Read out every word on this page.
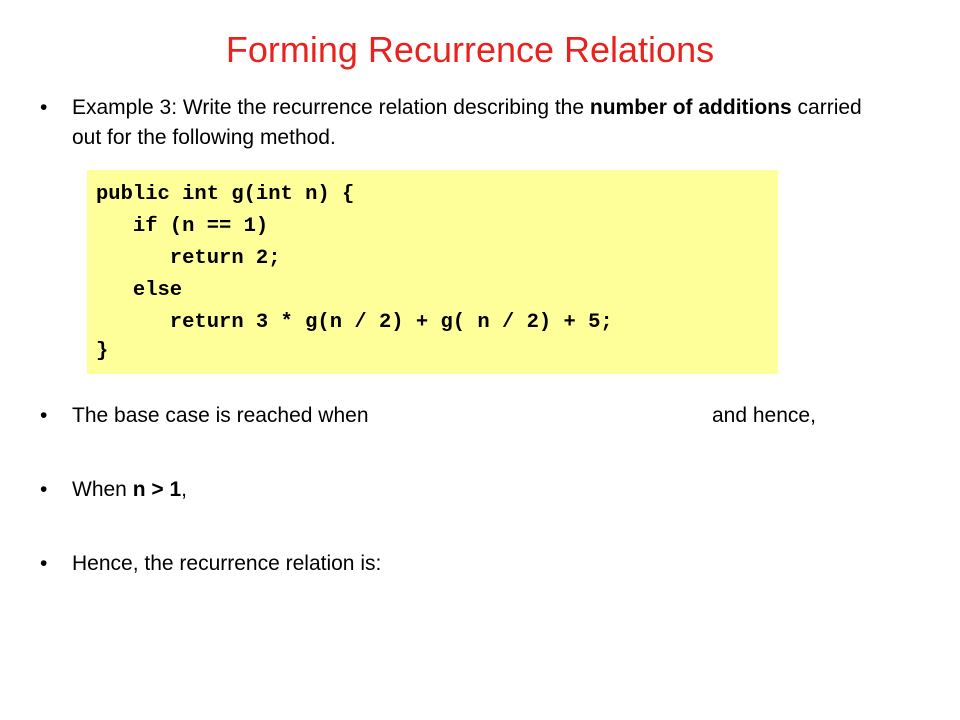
Forming Recurrence Relations
•	Example 3: Write the recurrence relation describing the number of additions carried out for the following method.
public int g(int n) {
if (n == 1)
return 2;
else
return 3 * g(n / 2) + g( n / 2) + 5;
}
•	The base case is reached when	and hence,
•	When n > 1,
•	Hence, the recurrence relation is:
